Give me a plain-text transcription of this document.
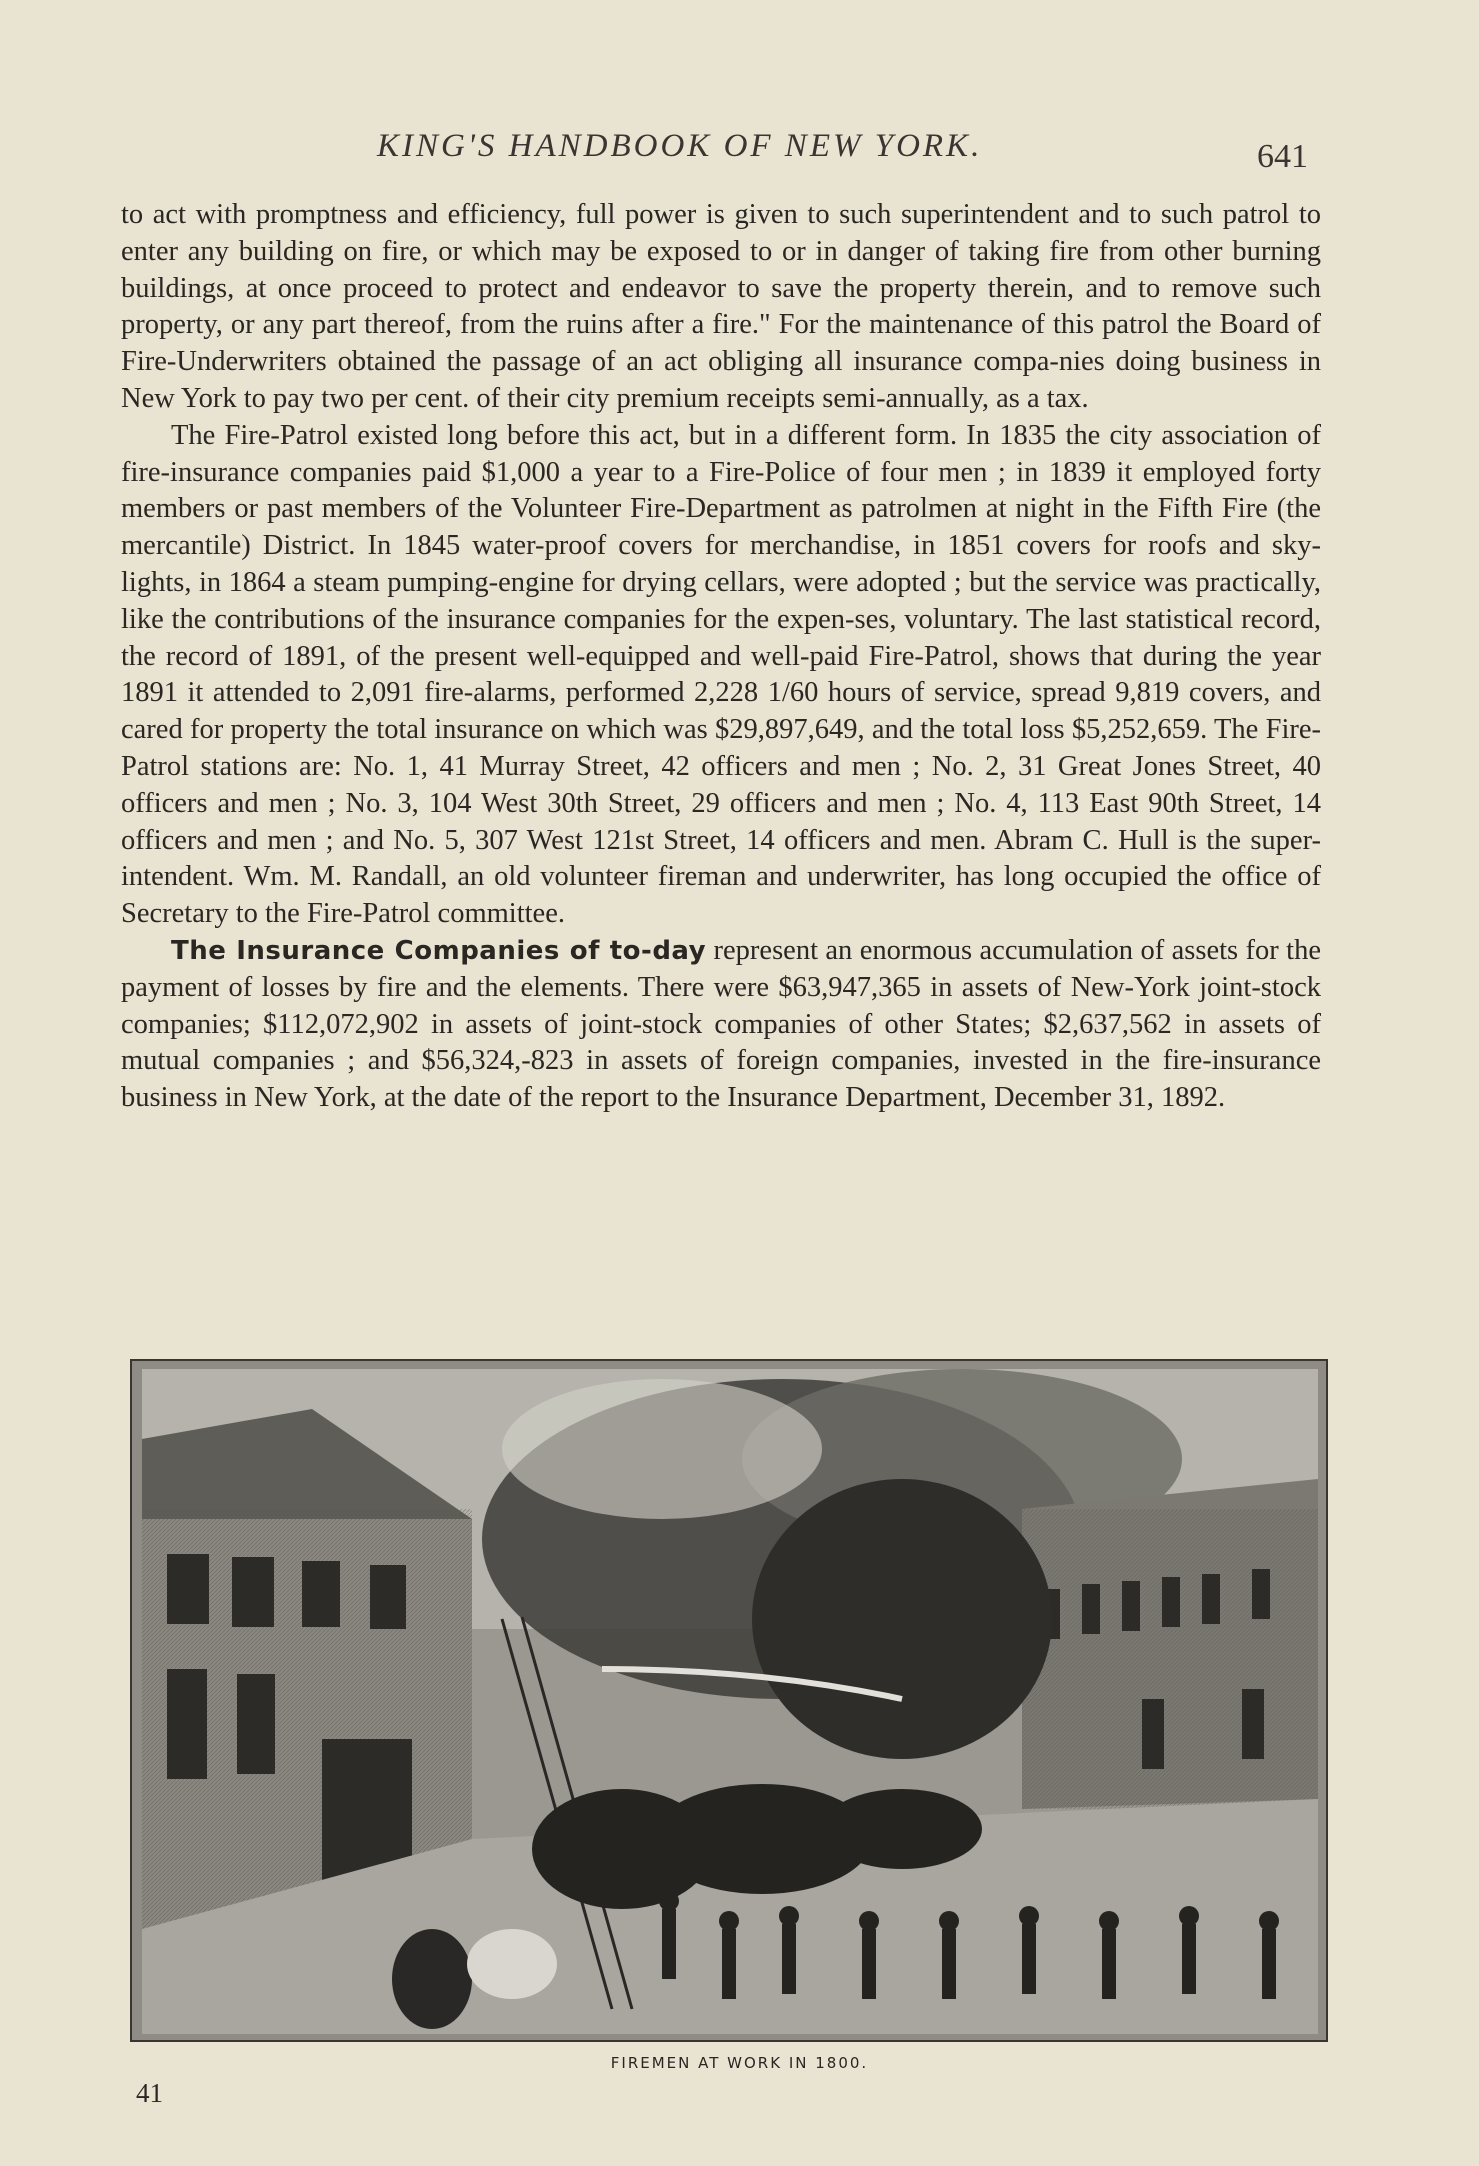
KING'S HANDBOOK OF NEW YORK.	641

to act with promptness and efficiency, full power is given to such superintendent and to such patrol to enter any building on fire, or which may be exposed to or in danger of taking fire from other burning buildings, at once proceed to protect and endeavor to save the property therein, and to remove such property, or any part thereof, from the ruins after a fire." For the maintenance of this patrol the Board of Fire-Underwriters obtained the passage of an act obliging all insurance compa-nies doing business in New York to pay two per cent. of their city premium receipts semi-annually, as a tax.

The Fire-Patrol existed long before this act, but in a different form. In 1835 the city association of fire-insurance companies paid $1,000 a year to a Fire-Police of four men ; in 1839 it employed forty members or past members of the Volunteer Fire-Department as patrolmen at night in the Fifth Fire (the mercantile) District. In 1845 water-proof covers for merchandise, in 1851 covers for roofs and sky-lights, in 1864 a steam pumping-engine for drying cellars, were adopted ; but the service was practically, like the contributions of the insurance companies for the expen-ses, voluntary. The last statistical record, the record of 1891, of the present well-equipped and well-paid Fire-Patrol, shows that during the year 1891 it attended to 2,091 fire-alarms, performed 2,228 1/60 hours of service, spread 9,819 covers, and cared for property the total insurance on which was $29,897,649, and the total loss $5,252,659. The Fire-Patrol stations are: No. 1, 41 Murray Street, 42 officers and men ; No. 2, 31 Great Jones Street, 40 officers and men ; No. 3, 104 West 30th Street, 29 officers and men ; No. 4, 113 East 90th Street, 14 officers and men ; and No. 5, 307 West 121st Street, 14 officers and men. Abram C. Hull is the super-intendent. Wm. M. Randall, an old volunteer fireman and underwriter, has long occupied the office of Secretary to the Fire-Patrol committee.

The Insurance Companies of to-day represent an enormous accumulation of assets for the payment of losses by fire and the elements. There were $63,947,365 in assets of New-York joint-stock companies; $112,072,902 in assets of joint-stock companies of other States; $2,637,562 in assets of mutual companies ; and $56,324,-823 in assets of foreign companies, invested in the fire-insurance business in New York, at the date of the report to the Insurance Department, December 31, 1892.

FIREMEN AT WORK IN 1800.
41
